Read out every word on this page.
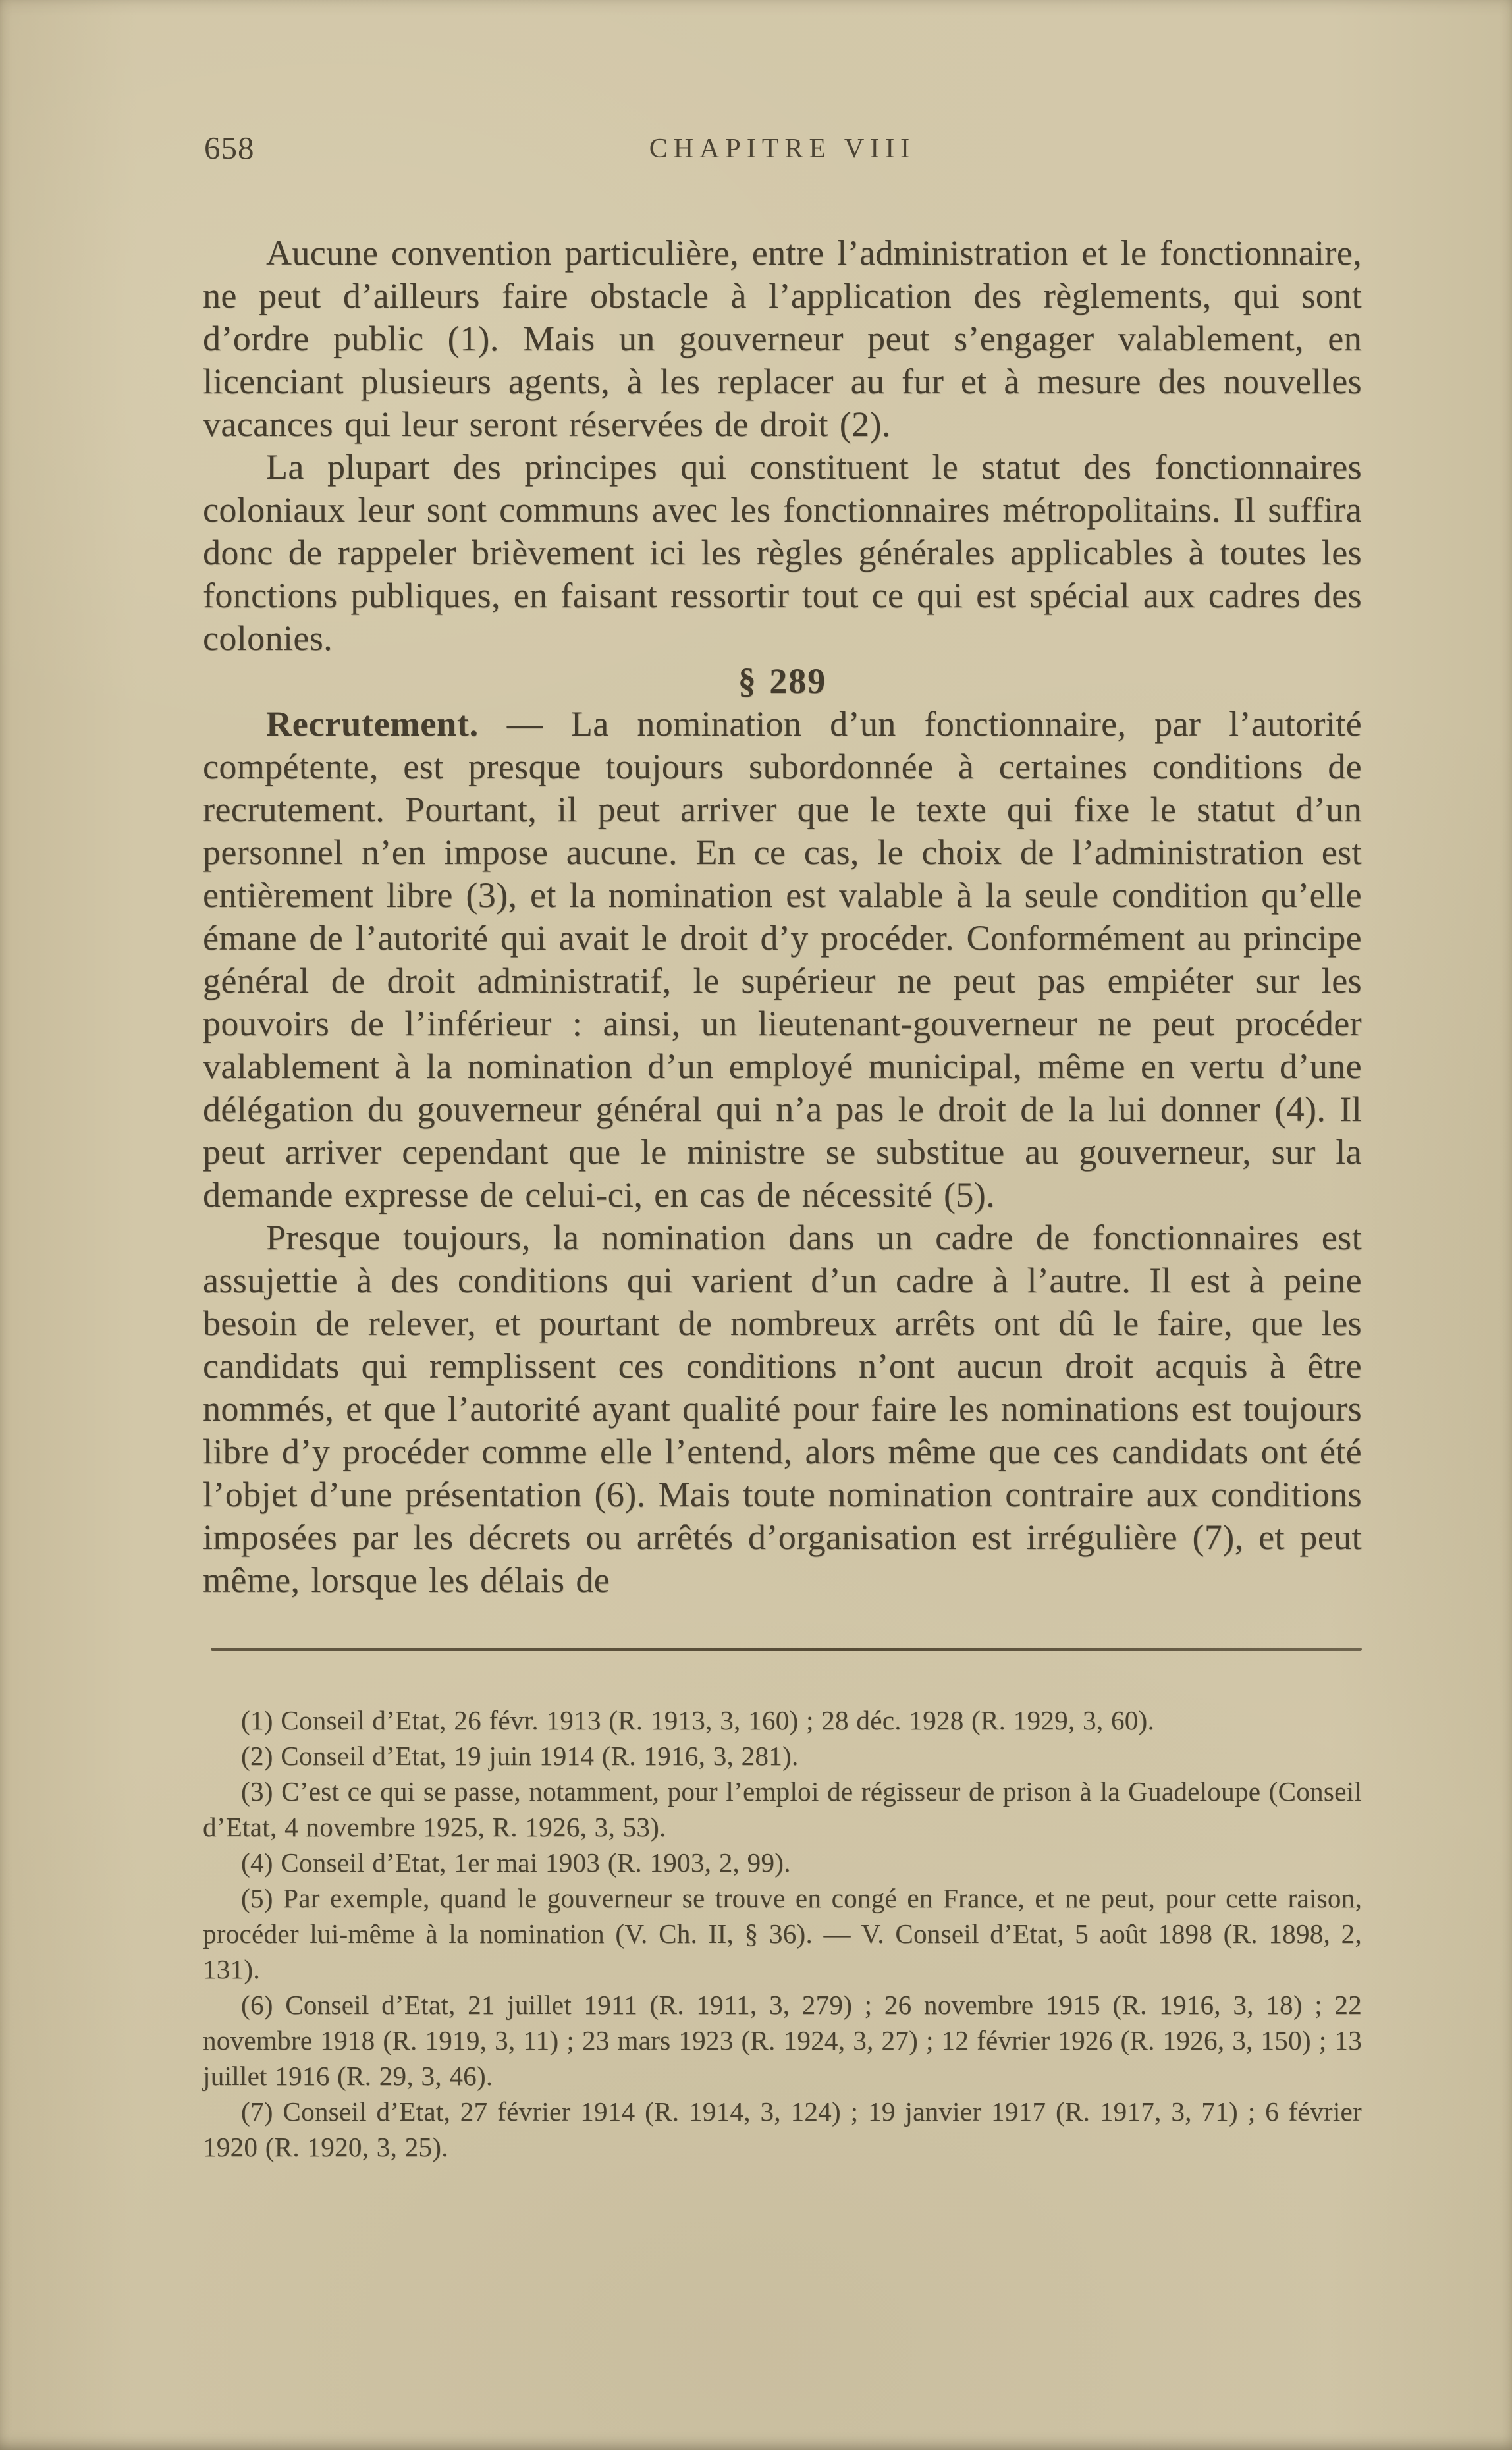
658	CHAPITRE VIII

Aucune convention particulière, entre l’administration et le fonctionnaire, ne peut d’ailleurs faire obstacle à l’application des règlements, qui sont d’ordre public (1). Mais un gouverneur peut s’engager valablement, en licenciant plusieurs agents, à les replacer au fur et à mesure des nouvelles vacances qui leur seront réservées de droit (2).

La plupart des principes qui constituent le statut des fonctionnaires coloniaux leur sont communs avec les fonctionnaires métropolitains. Il suffira donc de rappeler brièvement ici les règles générales applicables à toutes les fonctions publiques, en faisant ressortir tout ce qui est spécial aux cadres des colonies.

§ 289

Recrutement. — La nomination d’un fonctionnaire, par l’autorité compétente, est presque toujours subordonnée à certaines conditions de recrutement. Pourtant, il peut arriver que le texte qui fixe le statut d’un personnel n’en impose aucune. En ce cas, le choix de l’administration est entièrement libre (3), et la nomination est valable à la seule condition qu’elle émane de l’autorité qui avait le droit d’y procéder. Conformément au principe général de droit administratif, le supérieur ne peut pas empiéter sur les pouvoirs de l’inférieur : ainsi, un lieutenant-gouverneur ne peut procéder valablement à la nomination d’un employé municipal, même en vertu d’une délégation du gouverneur général qui n’a pas le droit de la lui donner (4). Il peut arriver cependant que le ministre se substitue au gouverneur, sur la demande expresse de celui-ci, en cas de nécessité (5).

Presque toujours, la nomination dans un cadre de fonctionnaires est assujettie à des conditions qui varient d’un cadre à l’autre. Il est à peine besoin de relever, et pourtant de nombreux arrêts ont dû le faire, que les candidats qui remplissent ces conditions n’ont aucun droit acquis à être nommés, et que l’autorité ayant qualité pour faire les nominations est toujours libre d’y procéder comme elle l’entend, alors même que ces candidats ont été l’objet d’une présentation (6). Mais toute nomination contraire aux conditions imposées par les décrets ou arrêtés d’organisation est irrégulière (7), et peut même, lorsque les délais de

(1) Conseil d’Etat, 26 févr. 1913 (R. 1913, 3, 160) ; 28 déc. 1928 (R. 1929, 3, 60).

(2) Conseil d’Etat, 19 juin 1914 (R. 1916, 3, 281).

(3) C’est ce qui se passe, notamment, pour l’emploi de régisseur de prison à la Guadeloupe (Conseil d’Etat, 4 novembre 1925, R. 1926, 3, 53).

(4) Conseil d’Etat, 1er mai 1903 (R. 1903, 2, 99).

(5) Par exemple, quand le gouverneur se trouve en congé en France, et ne peut, pour cette raison, procéder lui-même à la nomination (V. Ch. II, § 36). — V. Conseil d’Etat, 5 août 1898 (R. 1898, 2, 131).

(6) Conseil d’Etat, 21 juillet 1911 (R. 1911, 3, 279) ; 26 novembre 1915 (R. 1916, 3, 18) ; 22 novembre 1918 (R. 1919, 3, 11) ; 23 mars 1923 (R. 1924, 3, 27) ; 12 février 1926 (R. 1926, 3, 150) ; 13 juillet 1916 (R. 29, 3, 46).

(7) Conseil d’Etat, 27 février 1914 (R. 1914, 3, 124) ; 19 janvier 1917 (R. 1917, 3, 71) ; 6 février 1920 (R. 1920, 3, 25).
